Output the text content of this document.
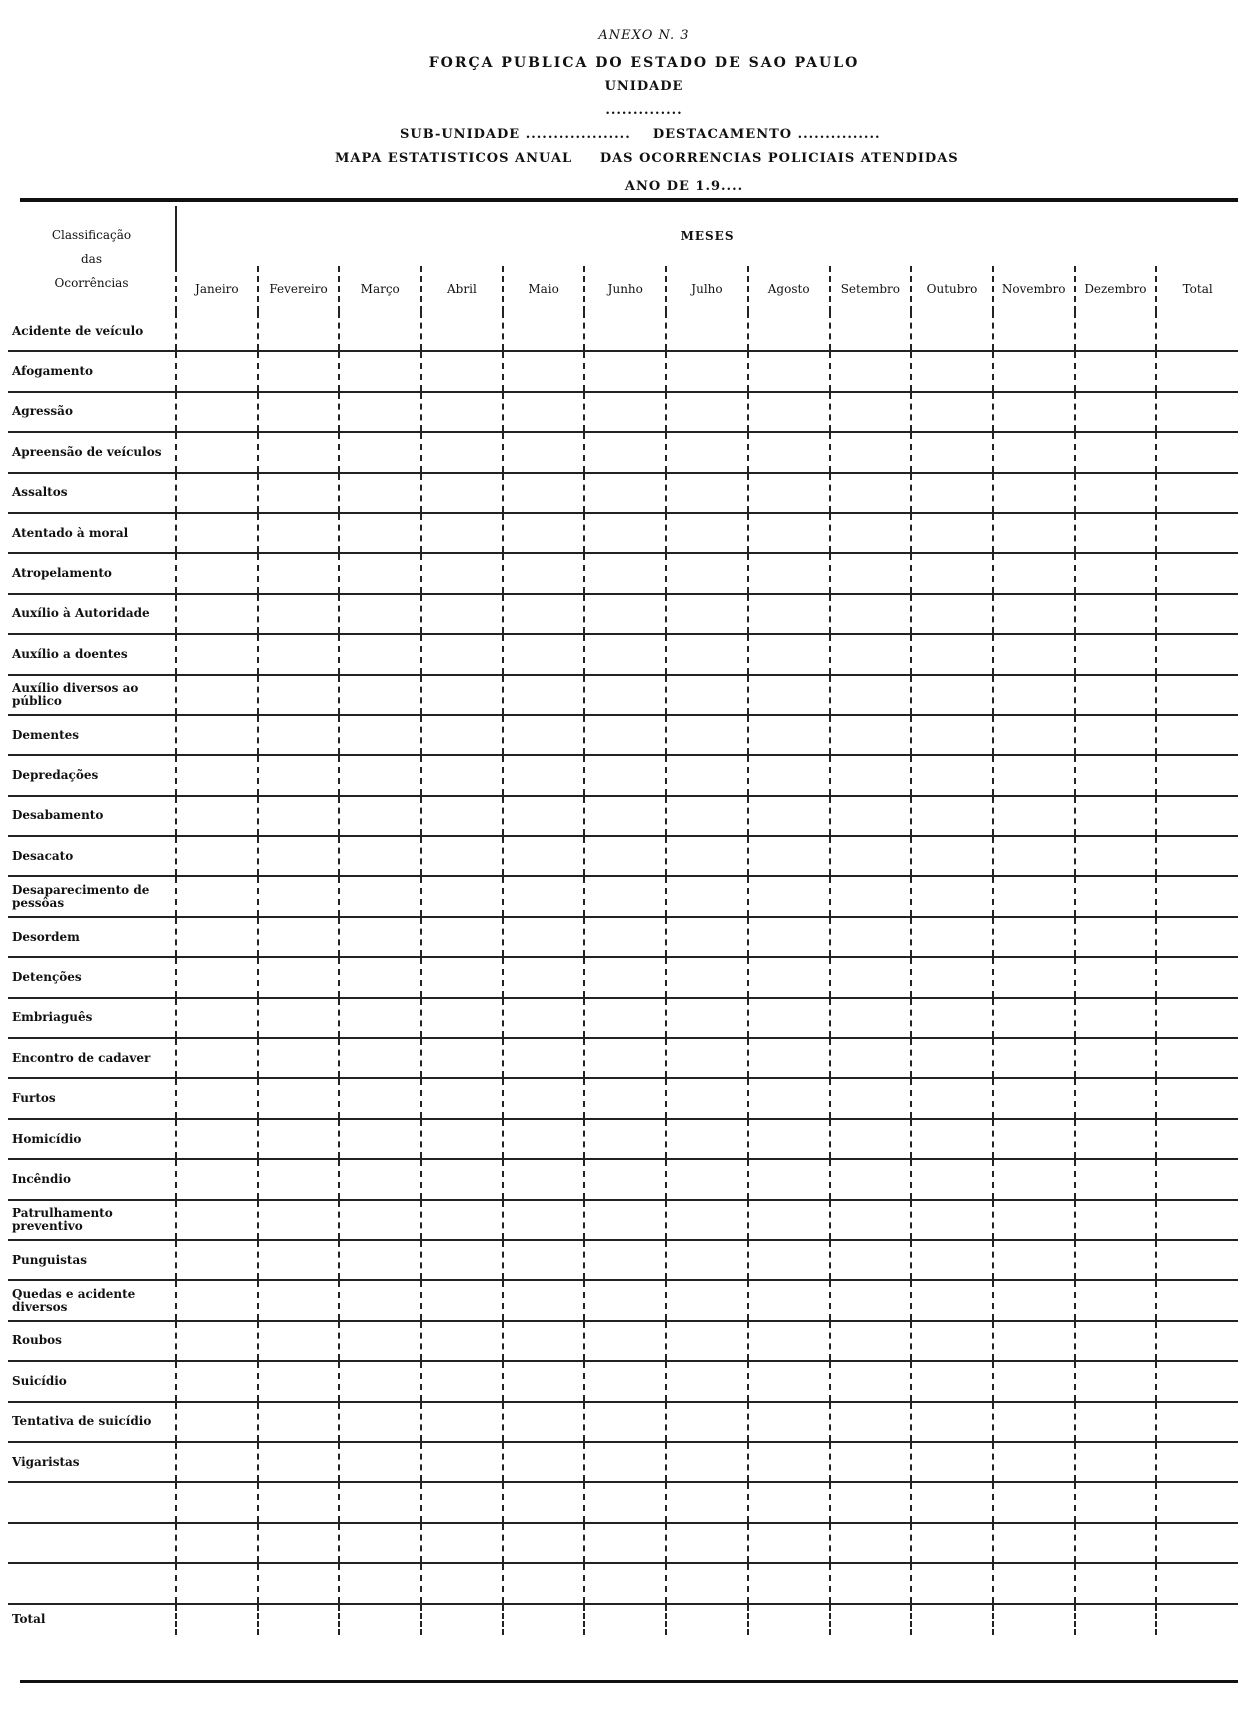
ANEXO N. 3
FORÇA PUBLICA DO ESTADO DE SAO PAULO
UNIDADE
..............
SUB-UNIDADE ................... DESTACAMENTO ...............
MAPA ESTATISTICOS ANUAL DAS OCORRENCIAS POLICIAIS ATENDIDAS
ANO DE 1.9....
Classificação
das
Ocorrências	MESES												
	Janeiro	Fevereiro	Março	Abril	Maio	Junho	Julho	Agosto	Setembro	Outubro	Novembro	Dezembro	Total
Acidente de veículo													
Afogamento													
Agressão													
Apreensão de veículos													
Assaltos													
Atentado à moral													
Atropelamento													
Auxílio à Autoridade													
Auxílio a doentes													
Auxílio diversos ao público													
Dementes													
Depredações													
Desabamento													
Desacato													
Desaparecimento de pessôas													
Desordem													
Detenções													
Embriaguês													
Encontro de cadaver													
Furtos													
Homicídio													
Incêndio													
Patrulhamento preventivo													
Punguistas													
Quedas e acidente diversos													
Roubos													
Suicídio													
Tentativa de suicídio													
Vigaristas													

Total													
